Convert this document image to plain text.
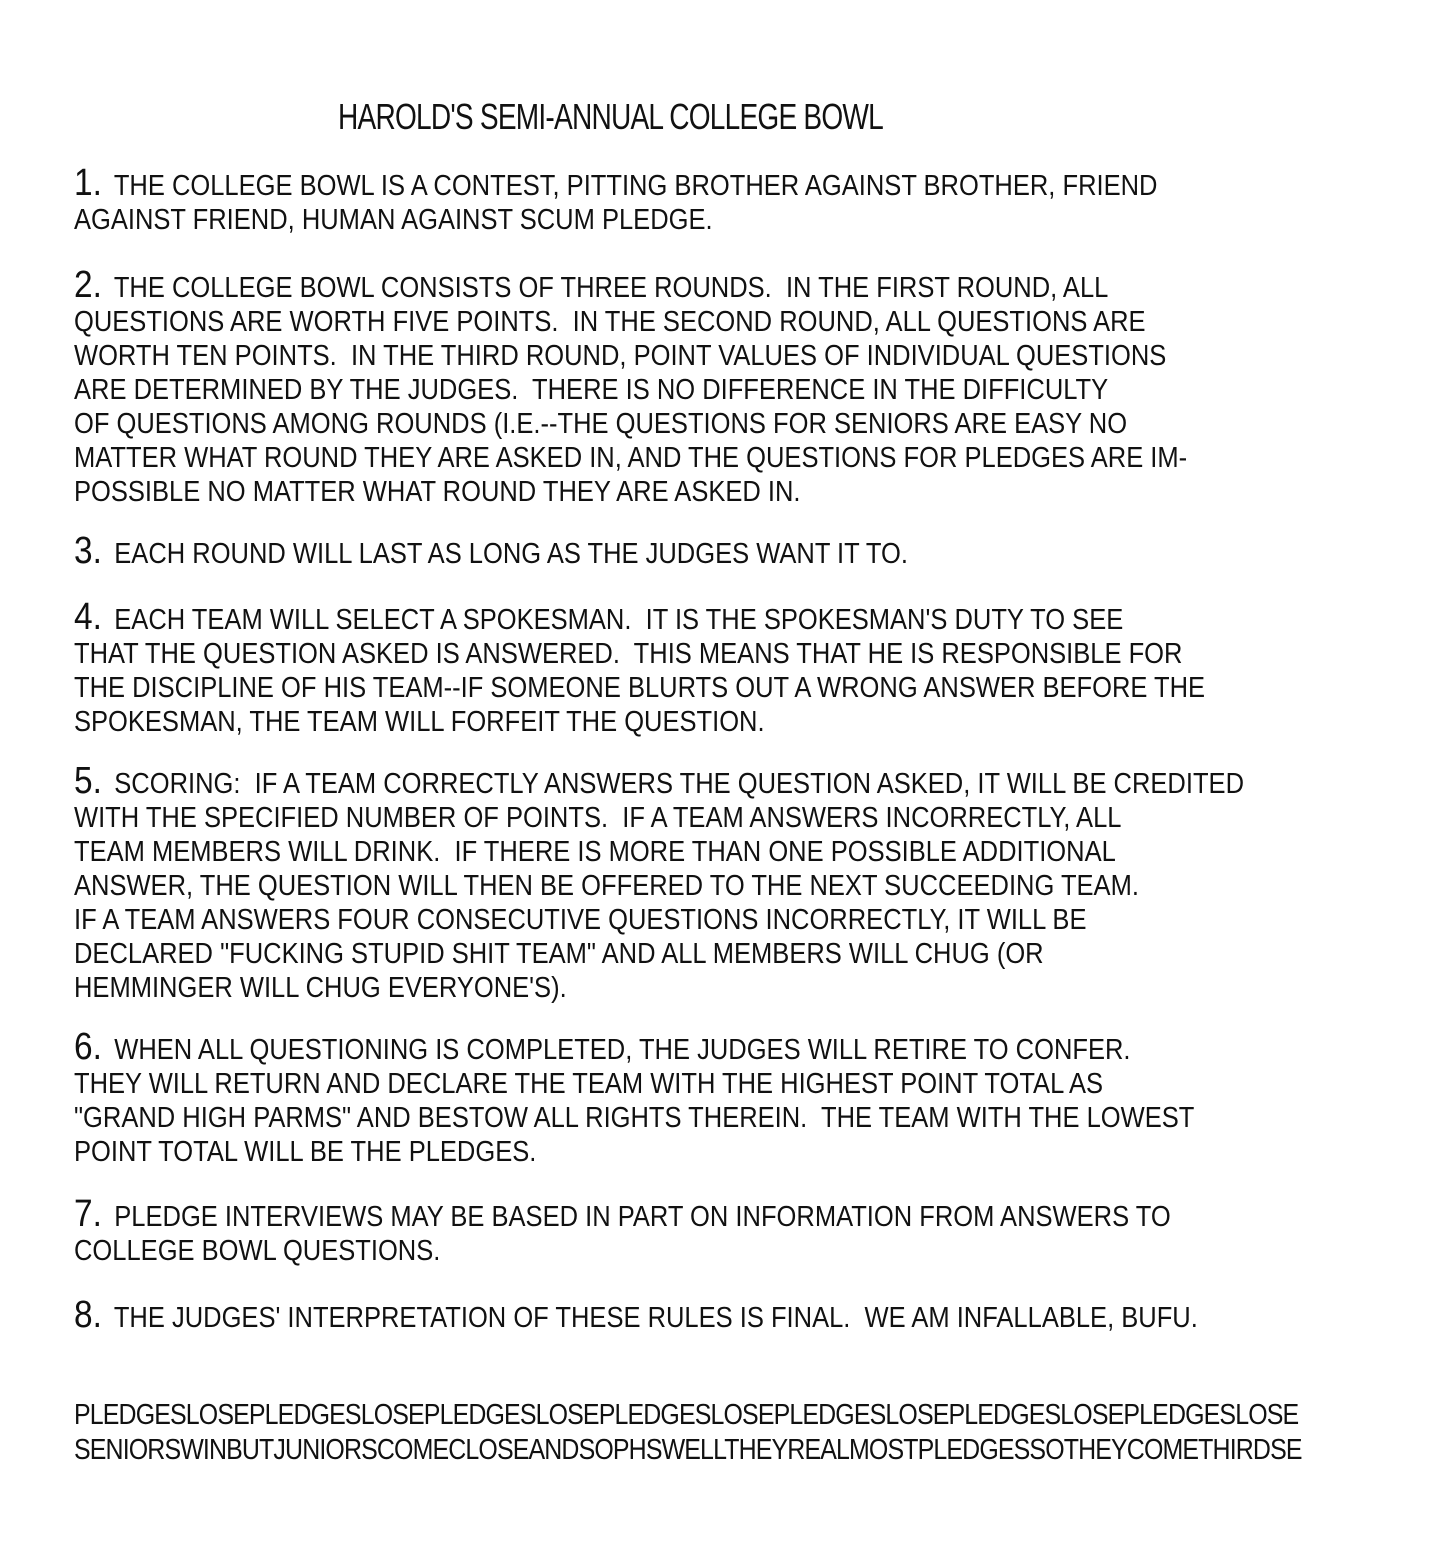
HAROLD'S SEMI-ANNUAL COLLEGE BOWL
1. THE COLLEGE BOWL IS A CONTEST, PITTING BROTHER AGAINST BROTHER, FRIEND
AGAINST FRIEND, HUMAN AGAINST SCUM PLEDGE.
2. THE COLLEGE BOWL CONSISTS OF THREE ROUNDS.  IN THE FIRST ROUND, ALL
QUESTIONS ARE WORTH FIVE POINTS.  IN THE SECOND ROUND, ALL QUESTIONS ARE
WORTH TEN POINTS.  IN THE THIRD ROUND, POINT VALUES OF INDIVIDUAL QUESTIONS
ARE DETERMINED BY THE JUDGES.  THERE IS NO DIFFERENCE IN THE DIFFICULTY
OF QUESTIONS AMONG ROUNDS (I.E.--THE QUESTIONS FOR SENIORS ARE EASY NO
MATTER WHAT ROUND THEY ARE ASKED IN, AND THE QUESTIONS FOR PLEDGES ARE IM-
POSSIBLE NO MATTER WHAT ROUND THEY ARE ASKED IN.
3. EACH ROUND WILL LAST AS LONG AS THE JUDGES WANT IT TO.
4. EACH TEAM WILL SELECT A SPOKESMAN.  IT IS THE SPOKESMAN'S DUTY TO SEE
THAT THE QUESTION ASKED IS ANSWERED.  THIS MEANS THAT HE IS RESPONSIBLE FOR
THE DISCIPLINE OF HIS TEAM--IF SOMEONE BLURTS OUT A WRONG ANSWER BEFORE THE
SPOKESMAN, THE TEAM WILL FORFEIT THE QUESTION.
5. SCORING:  IF A TEAM CORRECTLY ANSWERS THE QUESTION ASKED, IT WILL BE CREDITED
WITH THE SPECIFIED NUMBER OF POINTS.  IF A TEAM ANSWERS INCORRECTLY, ALL
TEAM MEMBERS WILL DRINK.  IF THERE IS MORE THAN ONE POSSIBLE ADDITIONAL
ANSWER, THE QUESTION WILL THEN BE OFFERED TO THE NEXT SUCCEEDING TEAM.
IF A TEAM ANSWERS FOUR CONSECUTIVE QUESTIONS INCORRECTLY, IT WILL BE
DECLARED "FUCKING STUPID SHIT TEAM" AND ALL MEMBERS WILL CHUG (OR
HEMMINGER WILL CHUG EVERYONE'S).
6. WHEN ALL QUESTIONING IS COMPLETED, THE JUDGES WILL RETIRE TO CONFER.
THEY WILL RETURN AND DECLARE THE TEAM WITH THE HIGHEST POINT TOTAL AS
"GRAND HIGH PARMS" AND BESTOW ALL RIGHTS THEREIN.  THE TEAM WITH THE LOWEST
POINT TOTAL WILL BE THE PLEDGES.
7. PLEDGE INTERVIEWS MAY BE BASED IN PART ON INFORMATION FROM ANSWERS TO
COLLEGE BOWL QUESTIONS.
8. THE JUDGES' INTERPRETATION OF THESE RULES IS FINAL.  WE AM INFALLABLE, BUFU.
PLEDGESLOSEPLEDGESLOSEPLEDGESLOSEPLEDGESLOSEPLEDGESLOSEPLEDGESLOSEPLEDGESLOSE
SENIORSWINBUTJUNIORSCOMECLOSEANDSOPHSWELLTHEYREALMOSTPLEDGESSOTHEYCOMETHIRDSE
